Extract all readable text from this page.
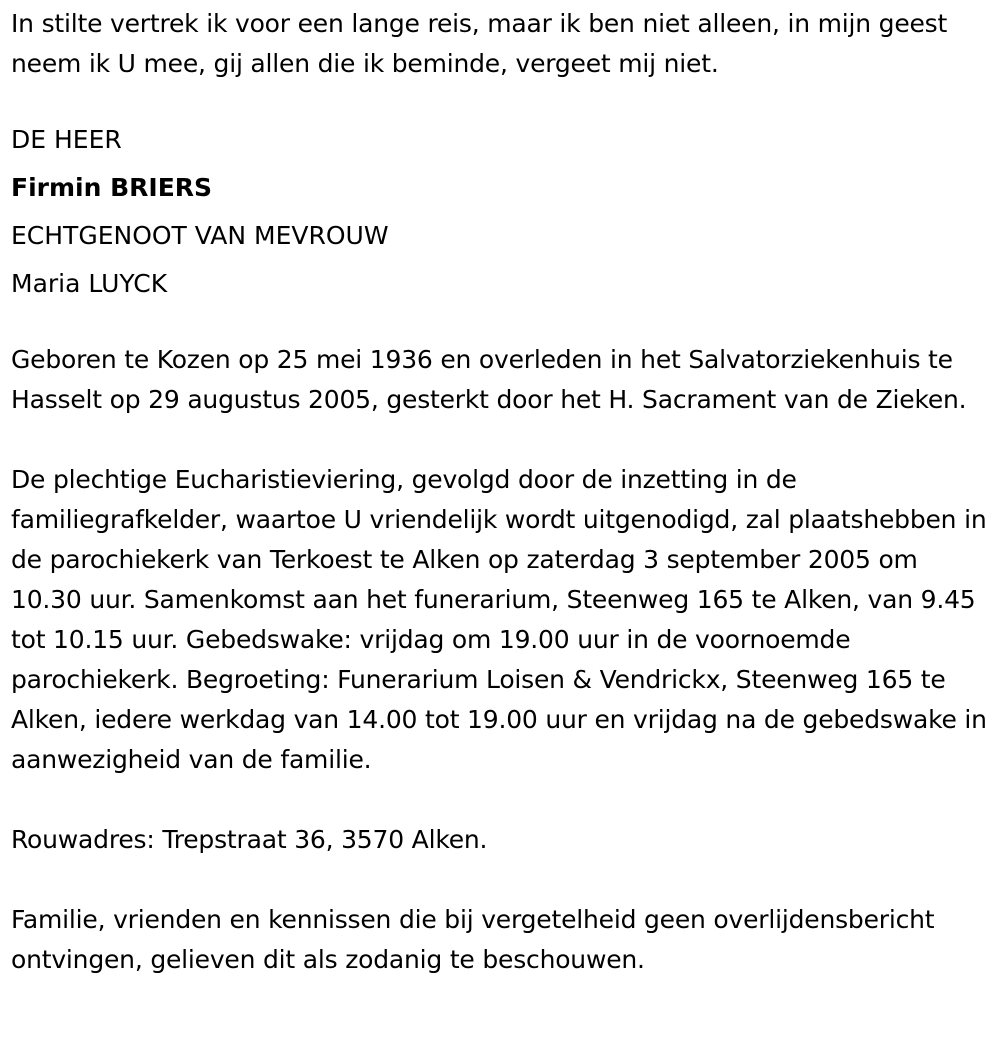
In stilte vertrek ik voor een lange reis, maar ik ben niet alleen, in mijn geest neem ik U mee, gij allen die ik beminde, vergeet mij niet.

DE HEER
Firmin BRIERS
ECHTGENOOT VAN MEVROUW
Maria LUYCK

Geboren te Kozen op 25 mei 1936 en overleden in het Salvatorziekenhuis te Hasselt op 29 augustus 2005, gesterkt door het H. Sacrament van de Zieken.

De plechtige Eucharistieviering, gevolgd door de inzetting in de familiegrafkelder, waartoe U vriendelijk wordt uitgenodigd, zal plaatshebben in de parochiekerk van Terkoest te Alken op zaterdag 3 september 2005 om 10.30 uur. Samenkomst aan het funerarium, Steenweg 165 te Alken, van 9.45 tot 10.15 uur. Gebedswake: vrijdag om 19.00 uur in de voornoemde parochiekerk. Begroeting: Funerarium Loisen & Vendrickx, Steenweg 165 te Alken, iedere werkdag van 14.00 tot 19.00 uur en vrijdag na de gebedswake in aanwezigheid van de familie.

Rouwadres: Trepstraat 36, 3570 Alken.

Familie, vrienden en kennissen die bij vergetelheid geen overlijdensbericht ontvingen, gelieven dit als zodanig te beschouwen.
